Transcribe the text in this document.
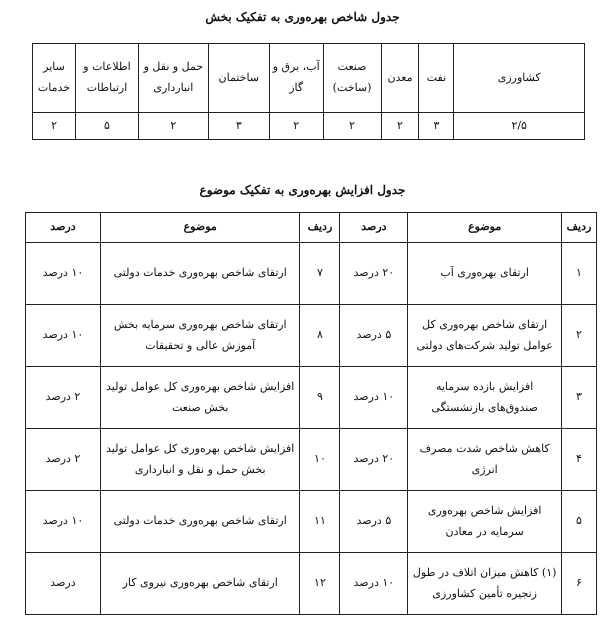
جدول شاخص بهره‌وری به تفکیک بخش
کشاورزی	نفت	معدن	صنعت (ساخت)	آب، برق و گاز	ساختمان	حمل و نقل و انبارداری	اطلاعات و ارتباطات	سایر خدمات
۲/۵	۳	۲	۲	۲	۳	۲	۵	۲
جدول افزایش بهره‌وری به تفکیک موضوع
ردیف	موضوع	درصد	ردیف	موضوع	درصد
۱	ارتقای بهره‌وری آب	۲۰ درصد	۷	ارتقای شاخص بهره‌وری خدمات دولتی	۱۰ درصد
۲	ارتقای شاخص بهره‌وری کل عوامل تولید شرکت‌های دولتی	۵ درصد	۸	ارتقای شاخص بهره‌وری سرمایه بخش آموزش عالی و تحقیقات	۱۰ درصد
۳	افزایش بازده سرمایه صندوق‌های بازنشستگی	۱۰ درصد	۹	افزایش شاخص بهره‌وری کل عوامل تولید بخش صنعت	۲ درصد
۴	کاهش شاخص شدت مصرف انرژی	۲۰ درصد	۱۰	افزایش شاخص بهره‌وری کل عوامل تولید بخش حمل و نقل و انبارداری	۲ درصد
۵	افزایش شاخص بهره‌وری سرمایه در معادن	۵ درصد	۱۱	ارتقای شاخص بهره‌وری خدمات دولتی	۱۰ درصد
۶	(۱) کاهش میزان اتلاف در طول زنجیره تأمین کشاورزی	۱۰ درصد	۱۲	ارتقای شاخص بهره‌وری نیروی کار	درصد
